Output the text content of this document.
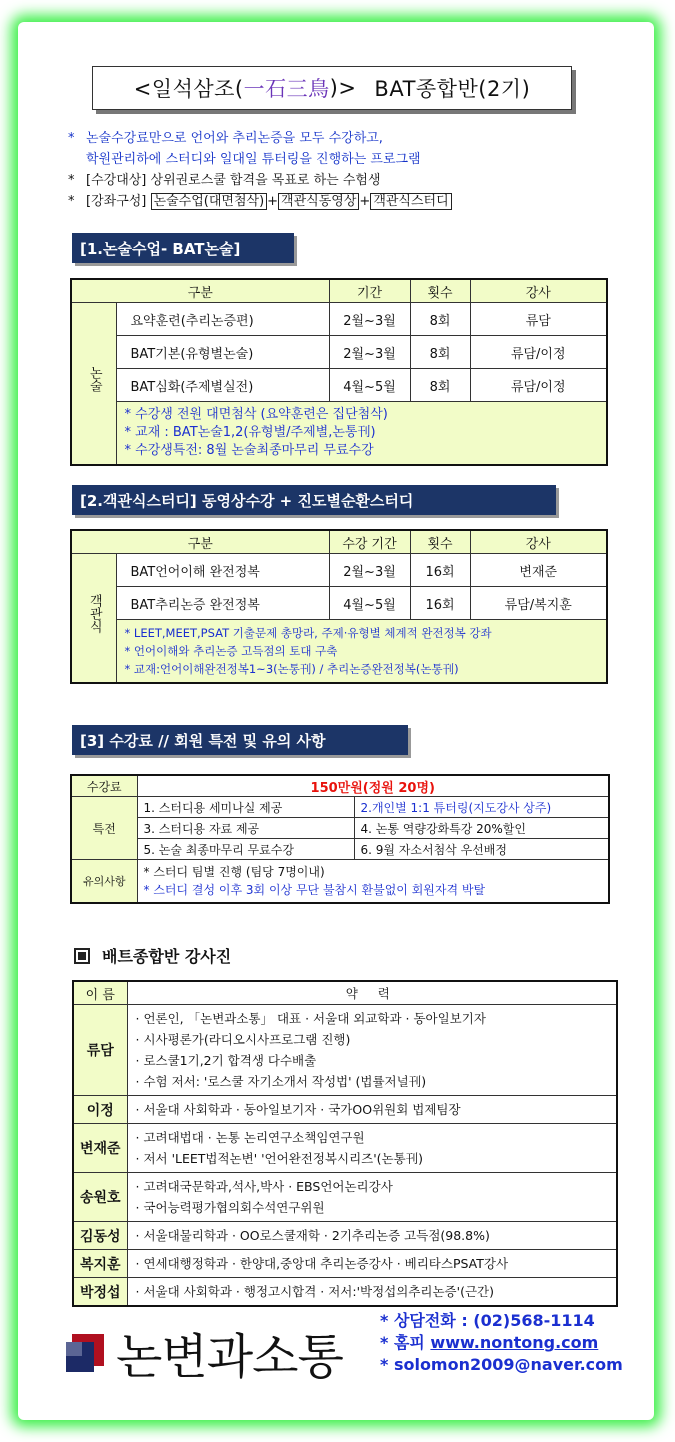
<일석삼조( 一石三鳥 )> BAT종합반(2기)
* 논술수강료만으로 언어와 추리논증을 모두 수강하고,
학원관리하에 스터디와 일대일 튜터링을 진행하는 프로그램
* [수강대상] 상위권로스쿨 합격을 목표로 하는 수험생
* [강좌구성] 논술수업(대면첨삭) + 객관식동영상 + 객관식스터디
[1.논술수업- BAT논술]
구분		기간	횟수	강사
논술	요약훈련(추리논증편)	2월~3월	8회	류담
	BAT기본(유형별논술)	2월~3월	8회	류담/이정
	BAT심화(주제별실전)	4월~5월	8회	류담/이정

	* 수강생 전원 대면첨삭 (요약훈련은 집단첨삭)
* 교재 : BAT논술1,2(유형별/주제별,논통刊)
* 수강생특전: 8월 논술최종마무리 무료수강			
[2.객관식스터디] 동영상수강 + 진도별순환스터디
구분		수강 기간	횟수	강사
객관식	BAT언어이해 완전정복	2월~3월	16회	변재준
	BAT추리논증 완전정복	4월~5월	16회	류담/복지훈

	* LEET,MEET,PSAT 기출문제 총망라, 주제·유형별 체계적 완전정복 강좌
* 언어이해와 추리논증 고득점의 토대 구축
* 교재:언어이해완전정복1~3(논통刊) / 추리논증완전정복(논통刊)			
[3] 수강료 // 회원 특전 및 유의 사항
수강료	150만원(정원 20명)	
특전	1. 스터디용 세미나실 제공	2.개인별 1:1 튜터링(지도강사 상주)
	3. 스터디용 자료 제공	4. 논통 역량강화특강 20%할인
	5. 논술 최종마무리 무료수강	6. 9월 자소서첨삭 우선배정
유의사항	* 스터디 팀별 진행 (팀당 7명이내)
* 스터디 결성 이후 3회 이상 무단 불참시 환불없이 회원자격 박탈	
배트종합반 강사진
이 름	약 력
류담	· 언론인, 「논변과소통」 대표 · 서울대 외교학과 · 동아일보기자
· 시사평론가(라디오시사프로그램 진행)
· 로스쿨1기,2기 합격생 다수배출
· 수험 저서: '로스쿨 자기소개서 작성법' (법률저널刊)

이정	· 서울대 사회학과 · 동아일보기자 · 국가OO위원회 법제팀장

변재준	· 고려대법대 · 논통 논리연구소책임연구원
· 저서 'LEET법적논변' '언어완전정복시리즈'(논통刊)

송원호	· 고려대국문학과,석사,박사 · EBS언어논리강사
· 국어능력평가협의회수석연구위원

김동성	· 서울대물리학과 · OO로스쿨재학 · 2기추리논증 고득점(98.8%)

복지훈	· 연세대행정학과 · 한양대,중앙대 추리논증강사 · 베리타스PSAT강사

박정섭	· 서울대 사회학과 · 행정고시합격 · 저서:'박정섭의추리논증'(근간)
논변과소통
* 상담전화 : (02)568-1114
* 홈피 www.nontong.com
* solomon2009@naver.com
